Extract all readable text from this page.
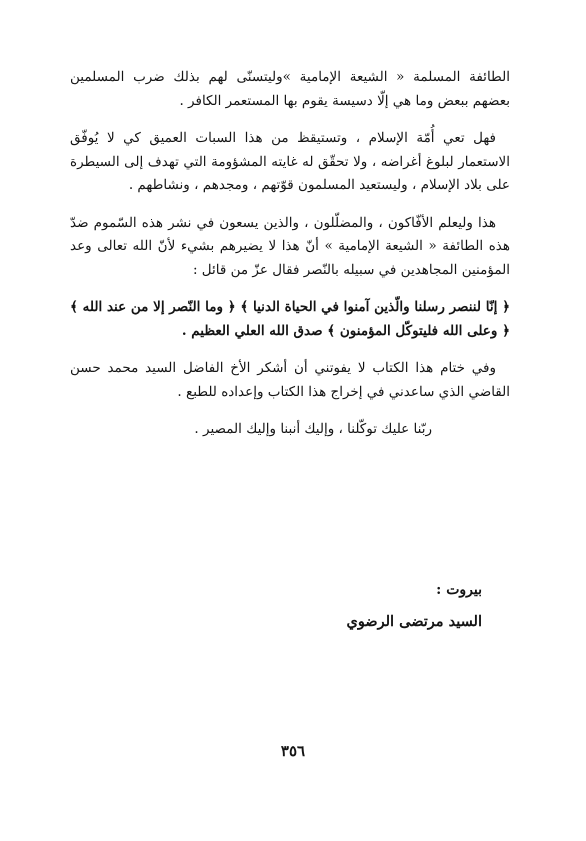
الطائفة المسلمة « الشيعة الإمامية »وليتسنّى لهم بذلك ضرب المسلمين بعضهم ببعض وما هي إلّا دسيسة يقوم بها المستعمر الكافر .

فهل تعي أُمّة الإسلام ، وتستيقظ من هذا السبات العميق كي لا يُوفّق الاستعمار لبلوغ أغراضه ، ولا تحقّق له غايته المشؤومة التي تهدف إلى السيطرة على بلاد الإسلام ، وليستعيد المسلمون قوّتهم ، ومجدهم ، ونشاطهم .

هذا وليعلم الأفّاكون ، والمضلّلون ، والذين يسعون في نشر هذه السّموم ضدّ هذه الطائفة « الشيعة الإمامية » أنّ هذا لا يضيرهم بشيء لأنّ الله تعالى وعد المؤمنين المجاهدين في سبيله بالنّصر فقال عزّ من قائل :

﴿ إنّا لننصر رسلنا والّذين آمنوا في الحياة الدنيا ﴾ ﴿ وما النّصر إلا من عند الله ﴾ ﴿ وعلى الله فليتوكّل المؤمنون ﴾ صدق الله العلي العظيم .

وفي ختام هذا الكتاب لا يفوتني أن أشكر الأخ الفاضل السيد محمد حسن القاضي الذي ساعدني في إخراج هذا الكتاب وإعداده للطبع .

ربّنا عليك توكّلنا ، وإليك أنبنا وإليك المصير .

بيروت :

السيد مرتضى الرضوي

٣٥٦
